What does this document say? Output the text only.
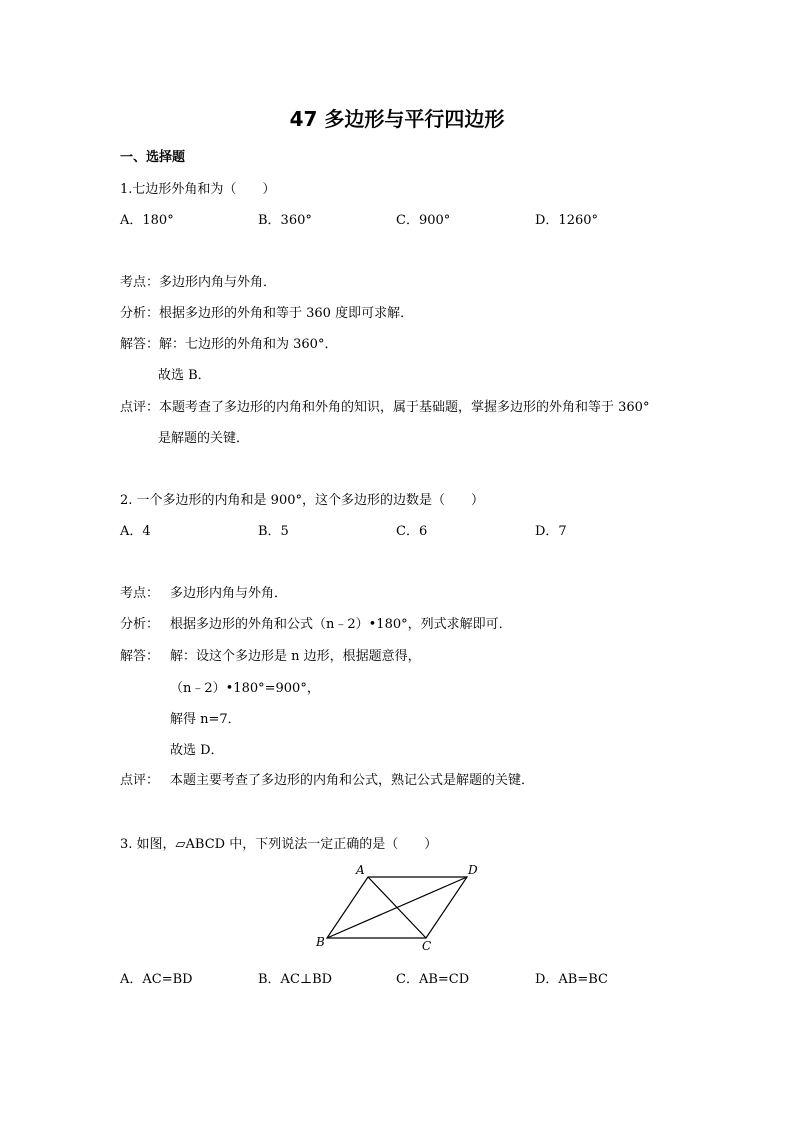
47 多边形与平行四边形
一、选择题
1.七边形外角和为（　　）
A．180°	B．360°	C．900°	D．1260°
考点：多边形内角与外角．
分析：根据多边形的外角和等于 360 度即可求解．
解答：解：七边形的外角和为 360°．
故选 B．
点评：本题考查了多边形的内角和外角的知识，属于基础题，掌握多边形的外角和等于 360°
是解题的关键．
2. 一个多边形的内角和是 900°，这个多边形的边数是（　　）
A．4	B．5	C．6	D．7
考点： 多边形内角与外角．
分析： 根据多边形的外角和公式（n﹣2）•180°，列式求解即可．
解答： 解：设这个多边形是 n 边形，根据题意得，
（n﹣2）•180°=900°，
解得 n=7．
故选 D．
点评： 本题主要考查了多边形的内角和公式，熟记公式是解题的关键．
3. 如图，▱ABCD 中，下列说法一定正确的是（　　）
A	D
B	C
A．AC=BD	B．AC⊥BD	C．AB=CD	D．AB=BC
